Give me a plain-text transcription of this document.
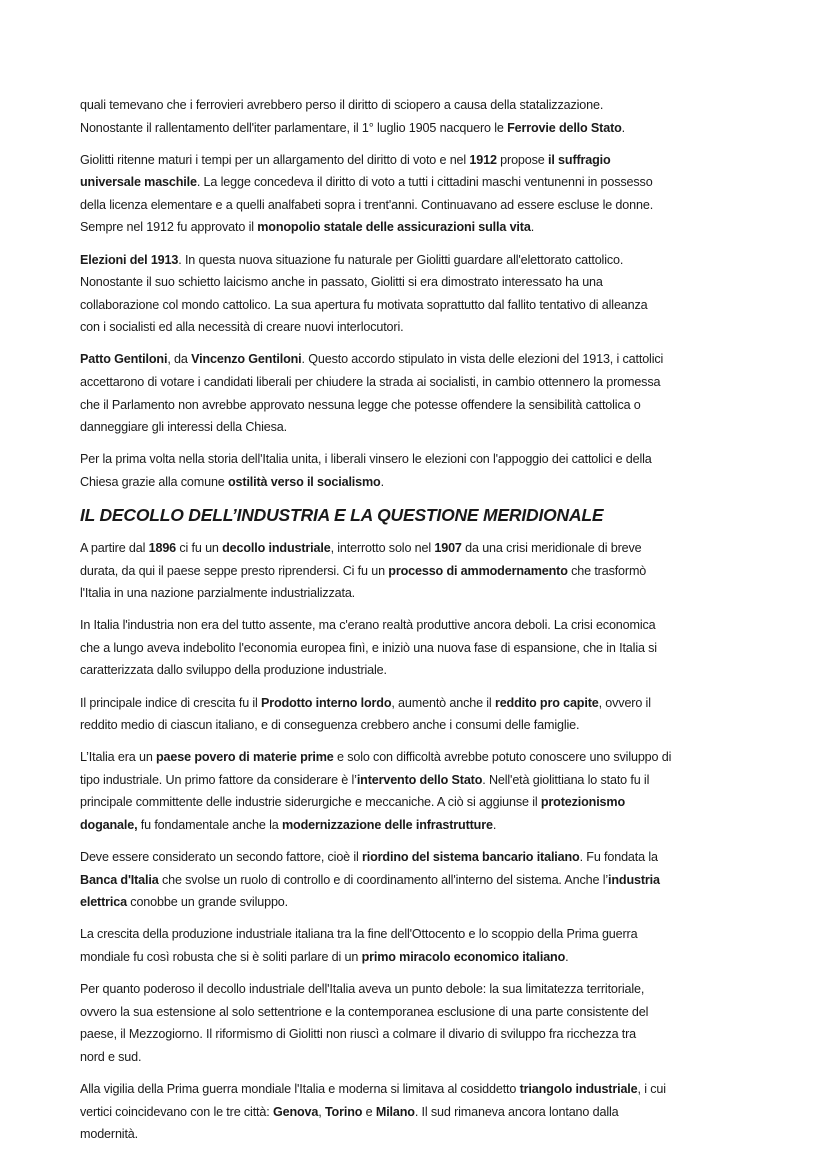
quali temevano che i ferrovieri avrebbero perso il diritto di sciopero a causa della statalizzazione.
Nonostante il rallentamento dell'iter parlamentare, il 1° luglio 1905 nacquero le Ferrovie dello Stato.

Giolitti ritenne maturi i tempi per un allargamento del diritto di voto e nel 1912 propose il suffragio
universale maschile. La legge concedeva il diritto di voto a tutti i cittadini maschi ventunenni in possesso
della licenza elementare e a quelli analfabeti sopra i trent'anni. Continuavano ad essere escluse le donne.
Sempre nel 1912 fu approvato il monopolio statale delle assicurazioni sulla vita.

Elezioni del 1913. In questa nuova situazione fu naturale per Giolitti guardare all'elettorato cattolico.
Nonostante il suo schietto laicismo anche in passato, Giolitti si era dimostrato interessato ha una
collaborazione col mondo cattolico. La sua apertura fu motivata soprattutto dal fallito tentativo di alleanza
con i socialisti ed alla necessità di creare nuovi interlocutori.

Patto Gentiloni, da Vincenzo Gentiloni. Questo accordo stipulato in vista delle elezioni del 1913, i cattolici
accettarono di votare i candidati liberali per chiudere la strada ai socialisti, in cambio ottennero la promessa
che il Parlamento non avrebbe approvato nessuna legge che potesse offendere la sensibilità cattolica o
danneggiare gli interessi della Chiesa.

Per la prima volta nella storia dell'Italia unita, i liberali vinsero le elezioni con l'appoggio dei cattolici e della
Chiesa grazie alla comune ostilità verso il socialismo.

IL DECOLLO DELL’INDUSTRIA E LA QUESTIONE MERIDIONALE

A partire dal 1896 ci fu un decollo industriale, interrotto solo nel 1907 da una crisi meridionale di breve
durata, da qui il paese seppe presto riprendersi. Ci fu un processo di ammodernamento che trasformò
l'Italia in una nazione parzialmente industrializzata.

In Italia l'industria non era del tutto assente, ma c'erano realtà produttive ancora deboli. La crisi economica
che a lungo aveva indebolito l'economia europea finì, e iniziò una nuova fase di espansione, che in Italia si
caratterizzata dallo sviluppo della produzione industriale.

Il principale indice di crescita fu il Prodotto interno lordo, aumentò anche il reddito pro capite, ovvero il
reddito medio di ciascun italiano, e di conseguenza crebbero anche i consumi delle famiglie.

L’Italia era un paese povero di materie prime e solo con difficoltà avrebbe potuto conoscere uno sviluppo di
tipo industriale. Un primo fattore da considerare è l’intervento dello Stato. Nell'età giolittiana lo stato fu il
principale committente delle industrie siderurgiche e meccaniche. A ciò si aggiunse il protezionismo
doganale, fu fondamentale anche la modernizzazione delle infrastrutture.

Deve essere considerato un secondo fattore, cioè il riordino del sistema bancario italiano. Fu fondata la
Banca d'Italia che svolse un ruolo di controllo e di coordinamento all'interno del sistema. Anche l’industria
elettrica conobbe un grande sviluppo.

La crescita della produzione industriale italiana tra la fine dell'Ottocento e lo scoppio della Prima guerra
mondiale fu così robusta che si è soliti parlare di un primo miracolo economico italiano.

Per quanto poderoso il decollo industriale dell'Italia aveva un punto debole: la sua limitatezza territoriale,
ovvero la sua estensione al solo settentrione e la contemporanea esclusione di una parte consistente del
paese, il Mezzogiorno. Il riformismo di Giolitti non riuscì a colmare il divario di sviluppo fra ricchezza tra
nord e sud.

Alla vigilia della Prima guerra mondiale l'Italia e moderna si limitava al cosiddetto triangolo industriale, i cui
vertici coincidevano con le tre città: Genova, Torino e Milano. Il sud rimaneva ancora lontano dalla
modernità.
